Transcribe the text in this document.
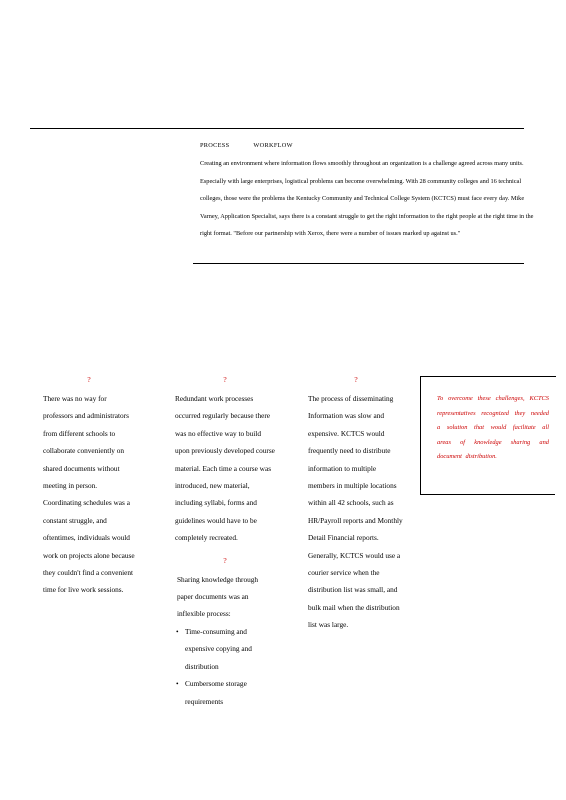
PROCESS	WORKFLOW

Creating an environment where information flows smoothly throughout an organization is a challenge agreed across many units. Especially with large enterprises, logistical problems can become overwhelming. With 28 community colleges and 16 technical colleges, those were the problems the Kentucky Community and Technical College System (KCTCS) must face every day. Mike Varney, Application Specialist, says there is a constant struggle to get the right information to the right people at the right time in the right format. "Before our partnership with Xerox, there were a number of issues marked up against us."

?

There was no way for professors and administrators from different schools to collaborate conveniently on shared documents without meeting in person. Coordinating schedules was a constant struggle, and oftentimes, individuals would work on projects alone because they couldn't find a convenient time for live work sessions.

?

Redundant work processes occurred regularly because there was no effective way to build upon previously developed course material. Each time a course was introduced, new material, including syllabi, forms and guidelines would have to be completely recreated.

?

Sharing knowledge through paper documents was an inflexible process:

• Time-consuming and expensive copying and distribution
• Cumbersome storage requirements
?

The process of disseminating Information was slow and expensive. KCTCS would frequently need to distribute information to multiple members in multiple locations within all 42 schools, such as HR/Payroll reports and Monthly Detail Financial reports. Generally, KCTCS would use a courier service when the distribution list was small, and bulk mail when the distribution list was large.

To overcome these challenges, KCTCS representatives recognized they needed a solution that would facilitate all areas of knowledge sharing and document distribution.
